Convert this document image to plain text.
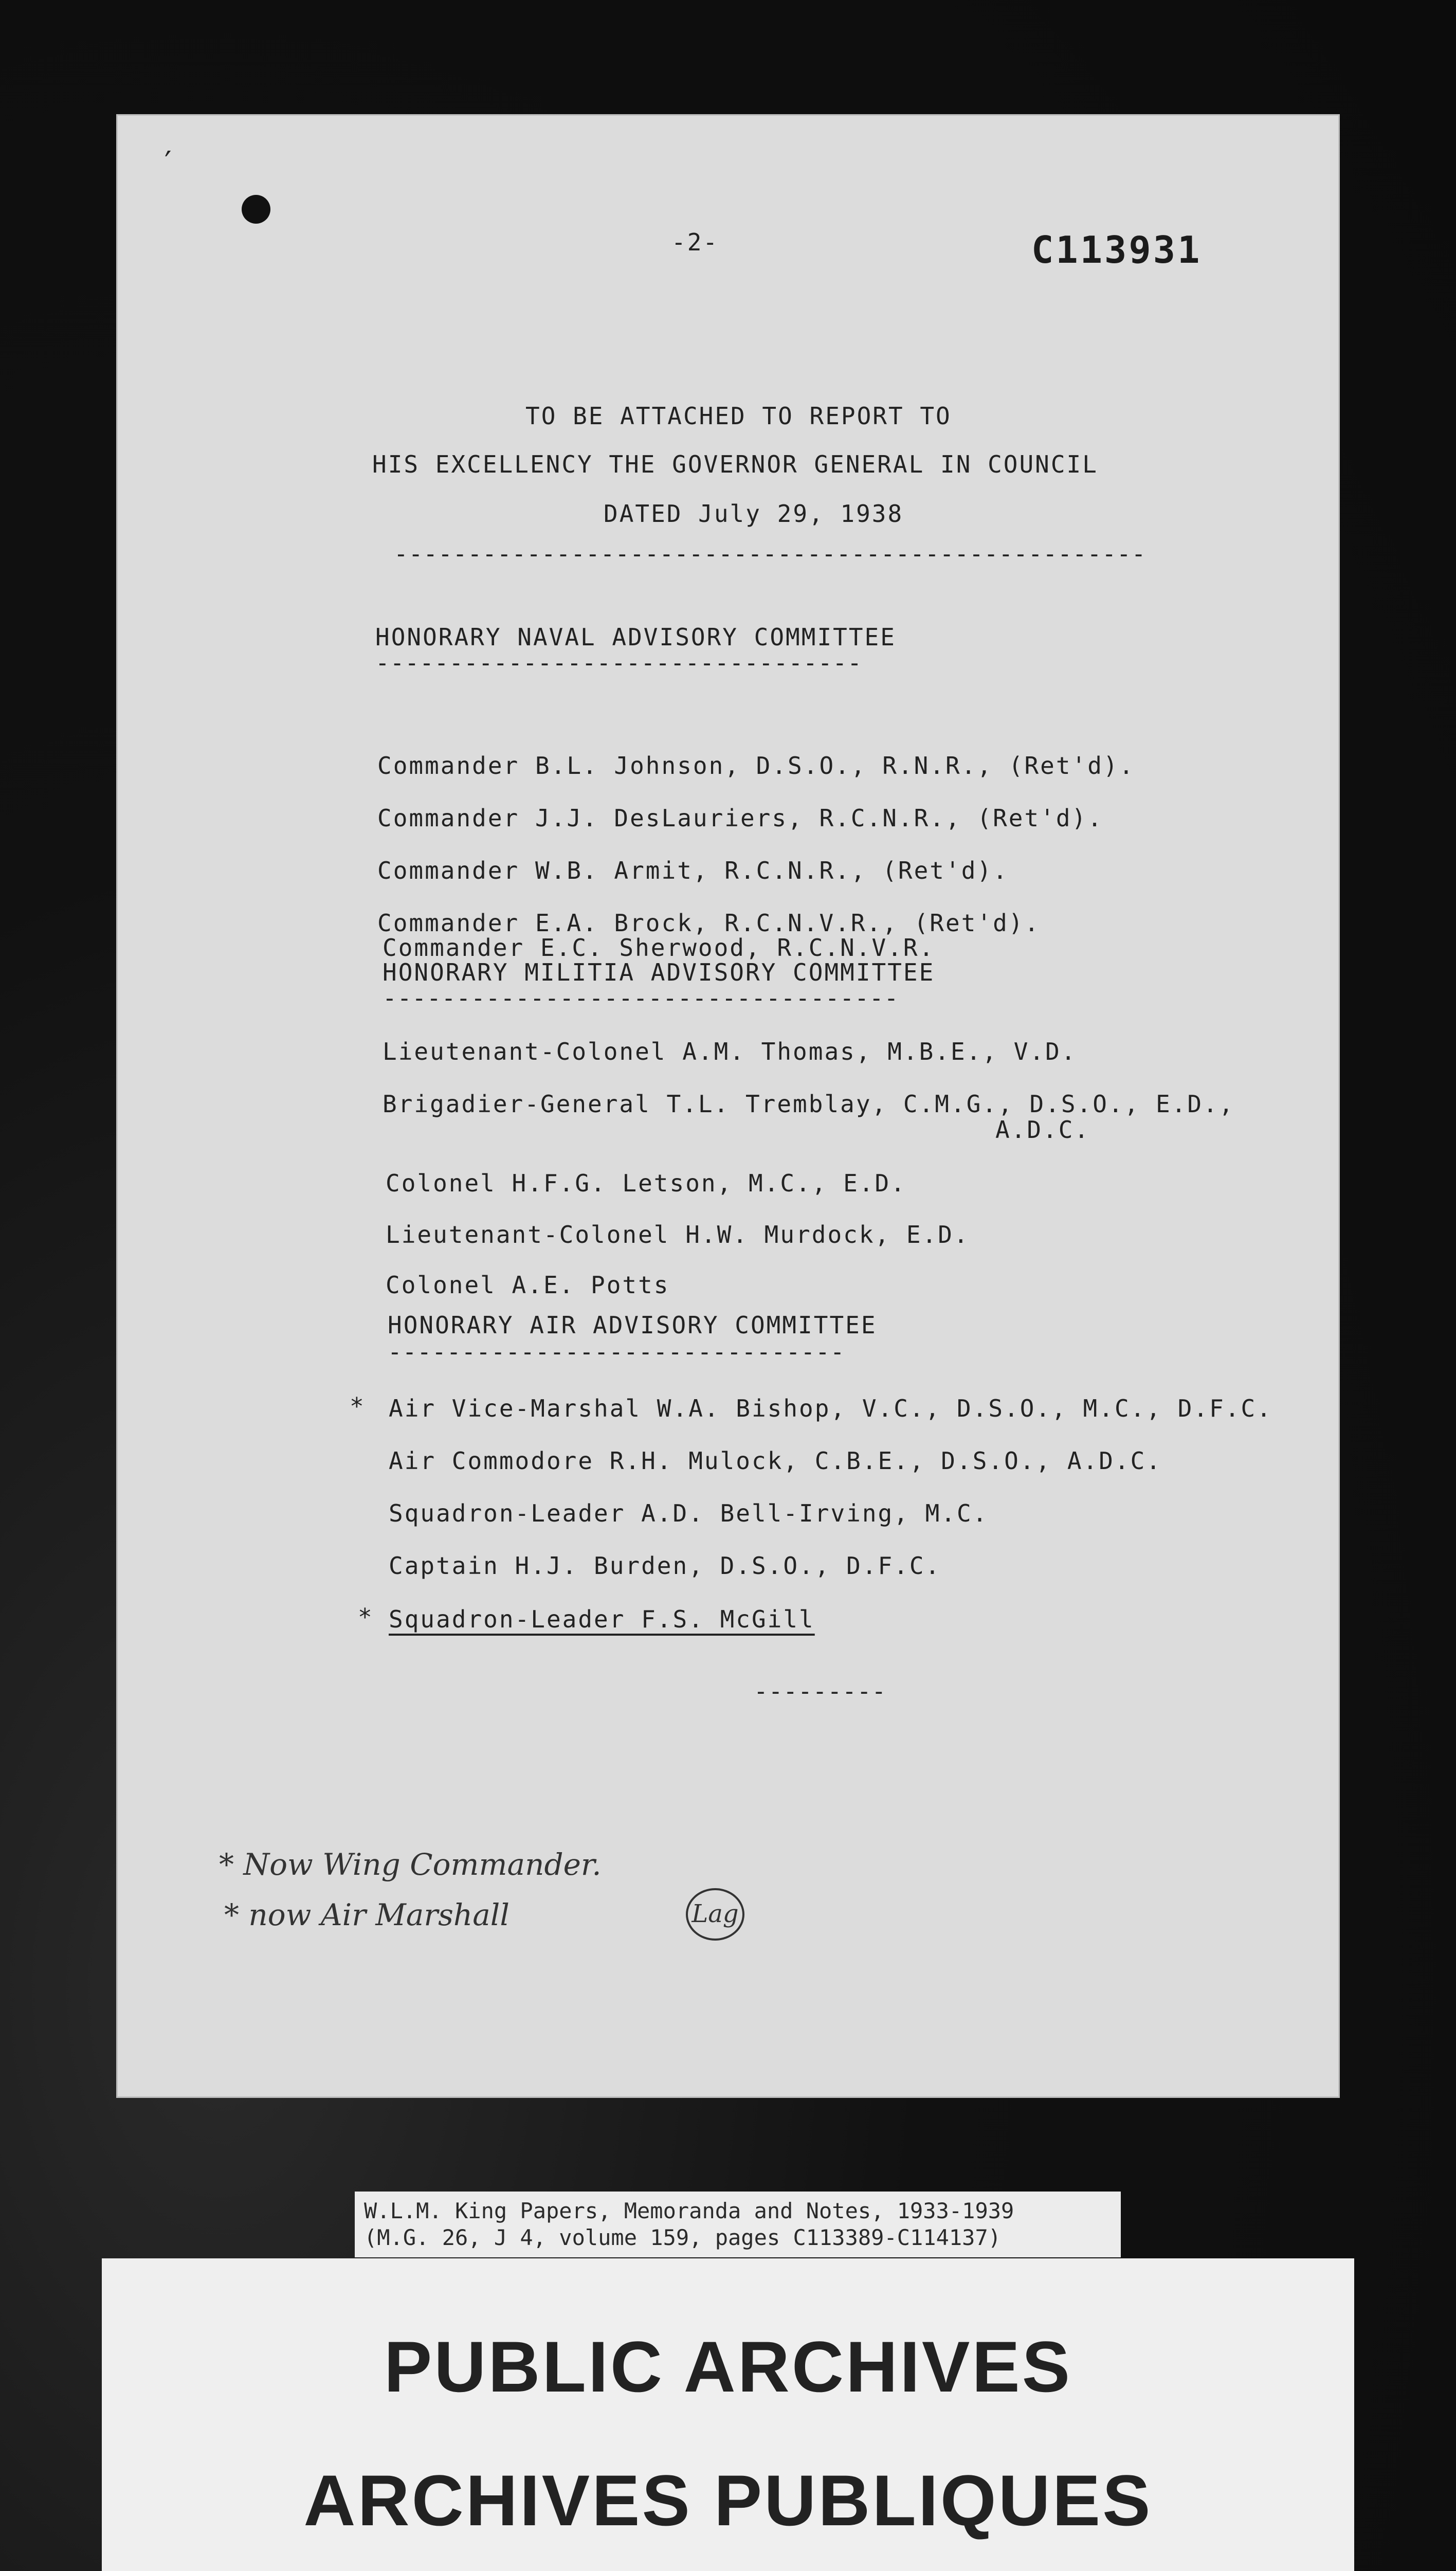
′
-2-	C113931
TO BE ATTACHED TO REPORT TO
HIS EXCELLENCY THE GOVERNOR GENERAL IN COUNCIL
DATED July 29, 1938
---------------------------------------------------
HONORARY NAVAL ADVISORY COMMITTEE
---------------------------------
Commander B.L. Johnson, D.S.O., R.N.R., (Ret'd).
Commander J.J. DesLauriers, R.C.N.R., (Ret'd).
Commander W.B. Armit, R.C.N.R., (Ret'd).
Commander E.A. Brock, R.C.N.V.R., (Ret'd).
Commander E.C. Sherwood, R.C.N.V.R.
HONORARY MILITIA ADVISORY COMMITTEE
-----------------------------------
Lieutenant-Colonel A.M. Thomas, M.B.E., V.D.
Brigadier-General T.L. Tremblay, C.M.G., D.S.O., E.D.,
A.D.C.
Colonel H.F.G. Letson, M.C., E.D.
Lieutenant-Colonel H.W. Murdock, E.D.
Colonel A.E. Potts
HONORARY AIR ADVISORY COMMITTEE
-------------------------------
* Air Vice-Marshal W.A. Bishop, V.C., D.S.O., M.C., D.F.C.
Air Commodore R.H. Mulock, C.B.E., D.S.O., A.D.C.
Squadron-Leader A.D. Bell-Irving, M.C.
Captain H.J. Burden, D.S.O., D.F.C.
* Squadron-Leader F.S. McGill
---------
* Now Wing Commander.
* now Air Marshall	Lag
W.L.M. King Papers, Memoranda and Notes, 1933-1939
(M.G. 26, J 4, volume 159, pages C113389-C114137)
PUBLIC ARCHIVES
ARCHIVES PUBLIQUES
